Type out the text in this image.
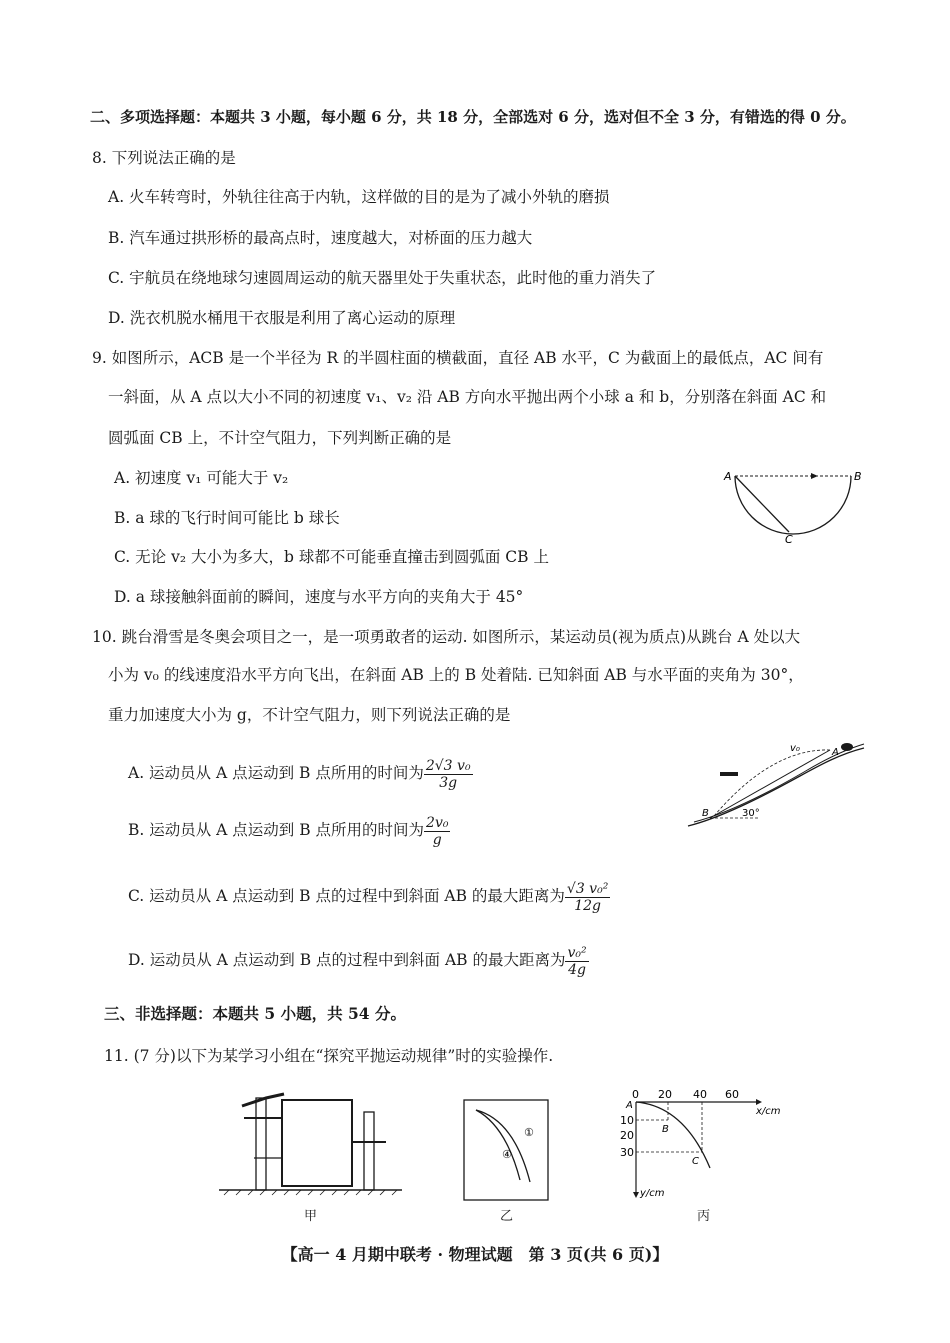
二、多项选择题：本题共 3 小题，每小题 6 分，共 18 分，全部选对 6 分，选对但不全 3 分，有错选的得 0 分。
8. 下列说法正确的是
A. 火车转弯时，外轨往往高于内轨，这样做的目的是为了减小外轨的磨损
B. 汽车通过拱形桥的最高点时，速度越大，对桥面的压力越大
C. 宇航员在绕地球匀速圆周运动的航天器里处于失重状态，此时他的重力消失了
D. 洗衣机脱水桶甩干衣服是利用了离心运动的原理
9. 如图所示，ACB 是一个半径为 R 的半圆柱面的横截面，直径 AB 水平，C 为截面上的最低点，AC 间有
一斜面，从 A 点以大小不同的初速度 v₁、v₂ 沿 AB 方向水平抛出两个小球 a 和 b，分别落在斜面 AC 和
圆弧面 CB 上，不计空气阻力，下列判断正确的是
A. 初速度 v₁ 可能大于 v₂
B. a 球的飞行时间可能比 b 球长
C. 无论 v₂ 大小为多大，b 球都不可能垂直撞击到圆弧面 CB 上
D. a 球接触斜面前的瞬间，速度与水平方向的夹角大于 45°
A	B
C
10. 跳台滑雪是冬奥会项目之一，是一项勇敢者的运动. 如图所示，某运动员(视为质点)从跳台 A 处以大
小为 v₀ 的线速度沿水平方向飞出，在斜面 AB 上的 B 处着陆. 已知斜面 AB 与水平面的夹角为 30°，
重力加速度大小为 g，不计空气阻力，则下列说法正确的是
A. 运动员从 A 点运动到 B 点所用的时间为 $\frac{\text{2√3 v₀}}{3g}$
B. 运动员从 A 点运动到 B 点所用的时间为 $\frac{\text{2v₀}}{g}$
C. 运动员从 A 点运动到 B 点的过程中到斜面 AB 的最大距离为 $\frac{\text{√3 v₀²}}{12g}$
D. 运动员从 A 点运动到 B 点的过程中到斜面 AB 的最大距离为 $\frac{\text{v₀²}}{4g}$
v₀	A
B	30°
三、非选择题：本题共 5 小题，共 54 分。
11. (7 分)以下为某学习小组在“探究平抛运动规律”时的实验操作.
甲
①
④
乙
0 20 40 60
x/cm
y/cm
10
20
30
A
B
C
丙
【高一 4 月期中联考 · 物理试题　第 3 页(共 6 页)】
